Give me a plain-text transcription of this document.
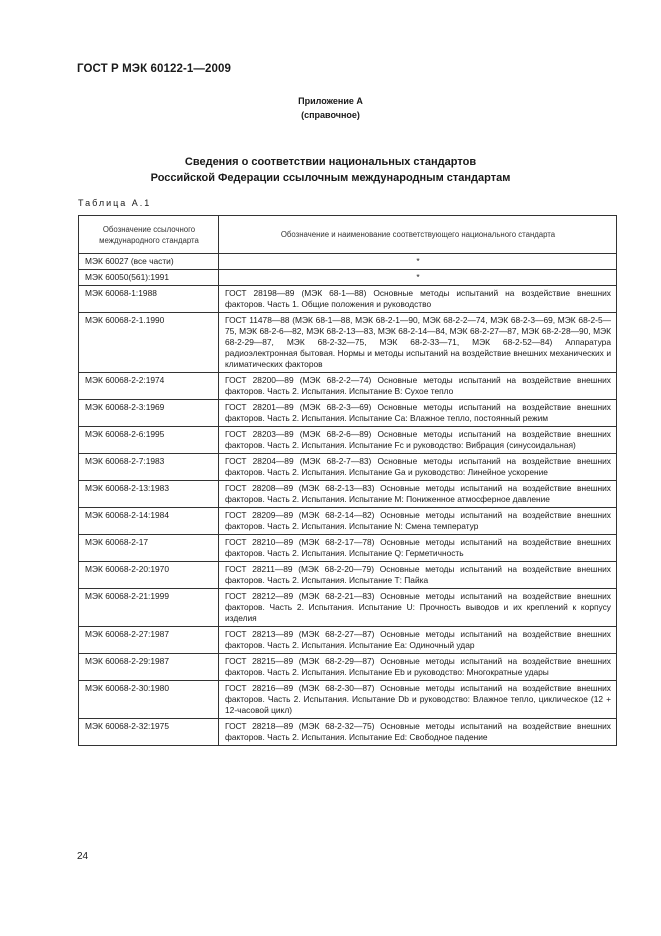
ГОСТ Р МЭК 60122-1—2009
Приложение А
(справочное)
Сведения о соответствии национальных стандартов
Российской Федерации ссылочным международным стандартам
Таблица А.1
Обозначение ссылочного
международного стандарта	Обозначение и наименование соответствующего национального стандарта
МЭК 60027 (все части)	*
МЭК 60050(561):1991	*
МЭК 60068-1:1988	ГОСТ 28198—89 (МЭК 68-1—88) Основные методы испытаний на воздействие внешних факторов. Часть 1. Общие положения и руководство
МЭК 60068-2-1.1990	ГОСТ 11478—88 (МЭК 68-1—88, МЭК 68-2-1—90, МЭК 68-2-2—74, МЭК 68-2-3—69, МЭК 68-2-5—75, МЭК 68-2-6—82, МЭК 68-2-13—83, МЭК 68-2-14—84, МЭК 68-2-27—87, МЭК 68-2-28—90, МЭК 68-2-29—87, МЭК 68-2-32—75, МЭК 68-2-33—71, МЭК 68-2-52—84) Аппаратура радиоэлектронная бытовая. Нормы и методы испытаний на воздействие внешних механических и климатических факторов
МЭК 60068-2-2:1974	ГОСТ 28200—89 (МЭК 68-2-2—74) Основные методы испытаний на воздействие внешних факторов. Часть 2. Испытания. Испытание В: Сухое тепло
МЭК 60068-2-3:1969	ГОСТ 28201—89 (МЭК 68-2-3—69) Основные методы испытаний на воздействие внешних факторов. Часть 2. Испытания. Испытание Са: Влажное тепло, постоянный режим
МЭК 60068-2-6:1995	ГОСТ 28203—89 (МЭК 68-2-6—89) Основные методы испытаний на воздействие внешних факторов. Часть 2. Испытания. Испытание Fc и руководство: Вибрация (синусоидальная)
МЭК 60068-2-7:1983	ГОСТ 28204—89 (МЭК 68-2-7—83) Основные методы испытаний на воздействие внешних факторов. Часть 2. Испытания. Испытание Ga и руководство: Линейное ускорение
МЭК 60068-2-13:1983	ГОСТ 28208—89 (МЭК 68-2-13—83) Основные методы испытаний на воздействие внешних факторов. Часть 2. Испытания. Испытание М: Пониженное атмосферное давление
МЭК 60068-2-14:1984	ГОСТ 28209—89 (МЭК 68-2-14—82) Основные методы испытаний на воздействие внешних факторов. Часть 2. Испытания. Испытание N: Смена температур
МЭК 60068-2-17	ГОСТ 28210—89 (МЭК 68-2-17—78) Основные методы испытаний на воздействие внешних факторов. Часть 2. Испытания. Испытание Q: Герметичность
МЭК 60068-2-20:1970	ГОСТ 28211—89 (МЭК 68-2-20—79) Основные методы испытаний на воздействие внешних факторов. Часть 2. Испытания. Испытание Т: Пайка
МЭК 60068-2-21:1999	ГОСТ 28212—89 (МЭК 68-2-21—83) Основные методы испытаний на воздействие внешних факторов. Часть 2. Испытания. Испытание U: Прочность выводов и их креплений к корпусу изделия
МЭК 60068-2-27:1987	ГОСТ 28213—89 (МЭК 68-2-27—87) Основные методы испытаний на воздействие внешних факторов. Часть 2. Испытания. Испытание Еа: Одиночный удар
МЭК 60068-2-29:1987	ГОСТ 28215—89 (МЭК 68-2-29—87) Основные методы испытаний на воздействие внешних факторов. Часть 2. Испытания. Испытание Eb и руководство: Многократные удары
МЭК 60068-2-30:1980	ГОСТ 28216—89 (МЭК 68-2-30—87) Основные методы испытаний на воздействие внешних факторов. Часть 2. Испытания. Испытание Db и руководство: Влажное тепло, циклическое (12 + 12-часовой цикл)
МЭК 60068-2-32:1975	ГОСТ 28218—89 (МЭК 68-2-32—75) Основные методы испытаний на воздействие внешних факторов. Часть 2. Испытания. Испытание Ed: Свободное падение
24
